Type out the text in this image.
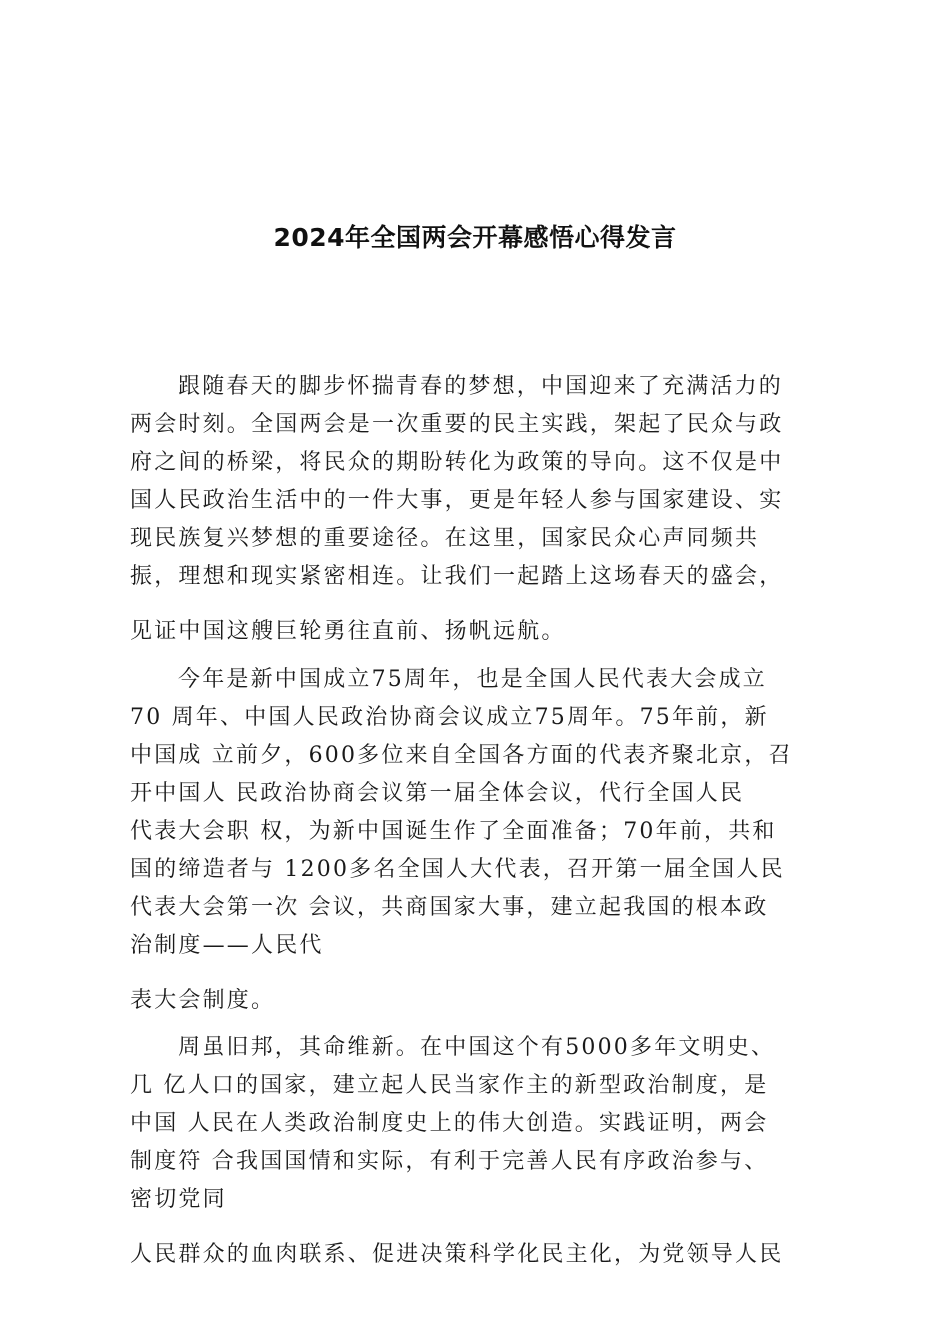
2024年全国两会开幕感悟心得发言
跟随春天的脚步怀揣青春的梦想，中国迎来了充满活力的
两会时刻。全国两会是一次重要的民主实践，架起了民众与政
府之间的桥梁，将民众的期盼转化为政策的导向。这不仅是中
国人民政治生活中的一件大事，更是年轻人参与国家建设、实
现民族复兴梦想的重要途径。在这里，国家民众心声同频共
振，理想和现实紧密相连。让我们一起踏上这场春天的盛会，
见证中国这艘巨轮勇往直前、扬帆远航。
今年是新中国成立75周年，也是全国人民代表大会成立
70 周年、中国人民政治协商会议成立75周年。75年前，新
中国成 立前夕，600多位来自全国各方面的代表齐聚北京，召
开中国人 民政治协商会议第一届全体会议，代行全国人民
代表大会职 权，为新中国诞生作了全面准备；70年前，共和
国的缔造者与 1200多名全国人大代表，召开第一届全国人民
代表大会第一次 会议，共商国家大事，建立起我国的根本政
治制度——人民代
表大会制度。
周虽旧邦，其命维新。在中国这个有5000多年文明史、
几 亿人口的国家，建立起人民当家作主的新型政治制度，是
中国 人民在人类政治制度史上的伟大创造。实践证明，两会
制度符 合我国国情和实际，有利于完善人民有序政治参与、
密切党同
人民群众的血肉联系、促进决策科学化民主化，为党领导人民
